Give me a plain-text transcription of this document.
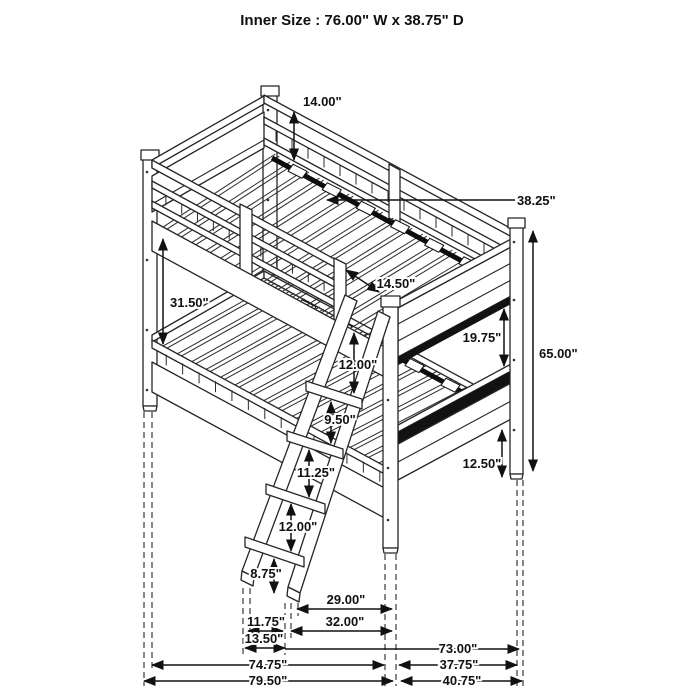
14.00"
38.25"
31.50"
14.50"
12.00"
9.50"
11.25"
12.00"
8.75"
19.75"
65.00"
12.50"
29.00"
11.75"	32.00"
13.50"
73.00"
74.75"	37.75"
79.50"	40.75"
Inner Size : 76.00" W x 38.75" D
